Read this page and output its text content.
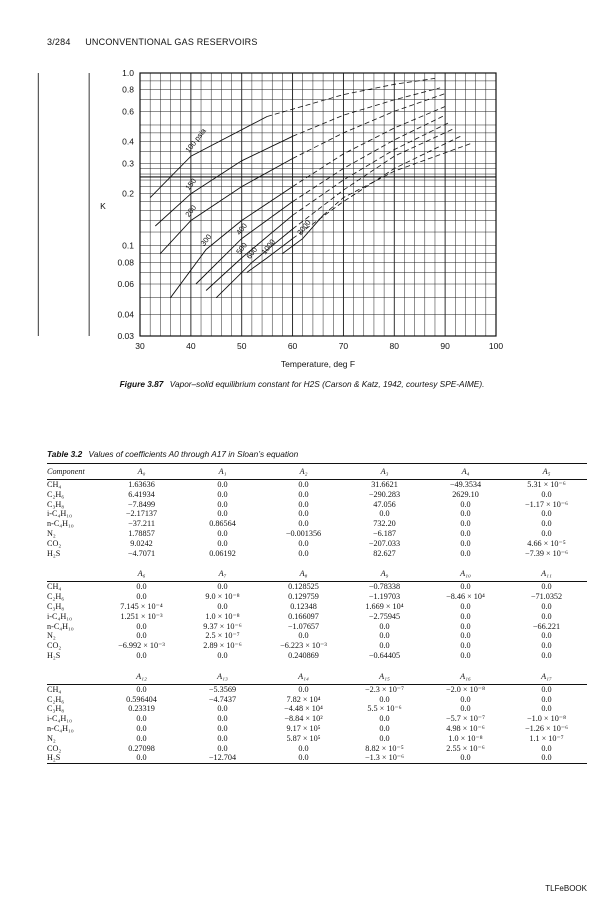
3/284 UNCONVENTIONAL GAS RESERVOIRS
30	40	50	60	70	80	90	100
1.0
0.8
0.6
0.4
0.3
0.2
0.1
0.08
0.06
0.04
0.03
Temperature, deg F
K
100 psia
150
200
300
400
500
600 1000
2000
Figure 3.87 Vapor–solid equilibrium constant for H2S (Carson & Katz, 1942, courtesy SPE-AIME).
Table 3.2 Values of coefficients A0 through A17 in Sloan’s equation
Component	A₀	A₁	A₂	A₃	A₄	A₅
CH₄	1.63636	0.0	0.0	31.6621	−49.3534	5.31 × 10⁻⁶
C₂H₆	6.41934	0.0	0.0	−290.283	2629.10	0.0
C₃H₈	−7.8499	0.0	0.0	47.056	0.0	−1.17 × 10⁻⁶
i-C₄H₁₀	−2.17137	0.0	0.0	0.0	0.0	0.0
n-C₄H₁₀	−37.211	0.86564	0.0	732.20	0.0	0.0
N₂	1.78857	0.0	−0.001356	−6.187	0.0	0.0
CO₂	9.0242	0.0	0.0	−207.033	0.0	4.66 × 10⁻⁵
H₂S	−4.7071	0.06192	0.0	82.627	0.0	−7.39 × 10⁻⁶

	A₆	A₇	A₈	A₉	A₁₀	A₁₁
CH₄	0.0	0.0	0.128525	−0.78338	0.0	0.0
C₂H₆	0.0	9.0 × 10⁻⁸	0.129759	−1.19703	−8.46 × 10⁴	−71.0352
C₃H₈	7.145 × 10⁻⁴	0.0	0.12348	1.669 × 10⁴	0.0	0.0
i-C₄H₁₀	1.251 × 10⁻³	1.0 × 10⁻⁸	0.166097	−2.75945	0.0	0.0
n-C₄H₁₀	0.0	9.37 × 10⁻⁶	−1.07657	0.0	0.0	−66.221
N₂	0.0	2.5 × 10⁻⁷	0.0	0.0	0.0	0.0
CO₂	−6.992 × 10⁻³	2.89 × 10⁻⁶	−6.223 × 10⁻³	0.0	0.0	0.0
H₂S	0.0	0.0	0.240869	−0.64405	0.0	0.0

	A₁₂	A₁₃	A₁₄	A₁₅	A₁₆	A₁₇
CH₄	0.0	−5.3569	0.0	−2.3 × 10⁻⁷	−2.0 × 10⁻⁸	0.0
C₂H₆	0.596404	−4.7437	7.82 × 10⁴	0.0	0.0	0.0
C₃H₈	0.23319	0.0	−4.48 × 10⁴	5.5 × 10⁻⁶	0.0	0.0
i-C₄H₁₀	0.0	0.0	−8.84 × 10²	0.0	−5.7 × 10⁻⁷	−1.0 × 10⁻⁸
n-C₄H₁₀	0.0	0.0	9.17 × 10⁵	0.0	4.98 × 10⁻⁶	−1.26 × 10⁻⁶
N₂	0.0	0.0	5.87 × 10⁵	0.0	1.0 × 10⁻⁸	1.1 × 10⁻⁷
CO₂	0.27098	0.0	0.0	8.82 × 10⁻⁵	2.55 × 10⁻⁶	0.0
H₂S	0.0	−12.704	0.0	−1.3 × 10⁻⁶	0.0	0.0
TLFeBOOK
